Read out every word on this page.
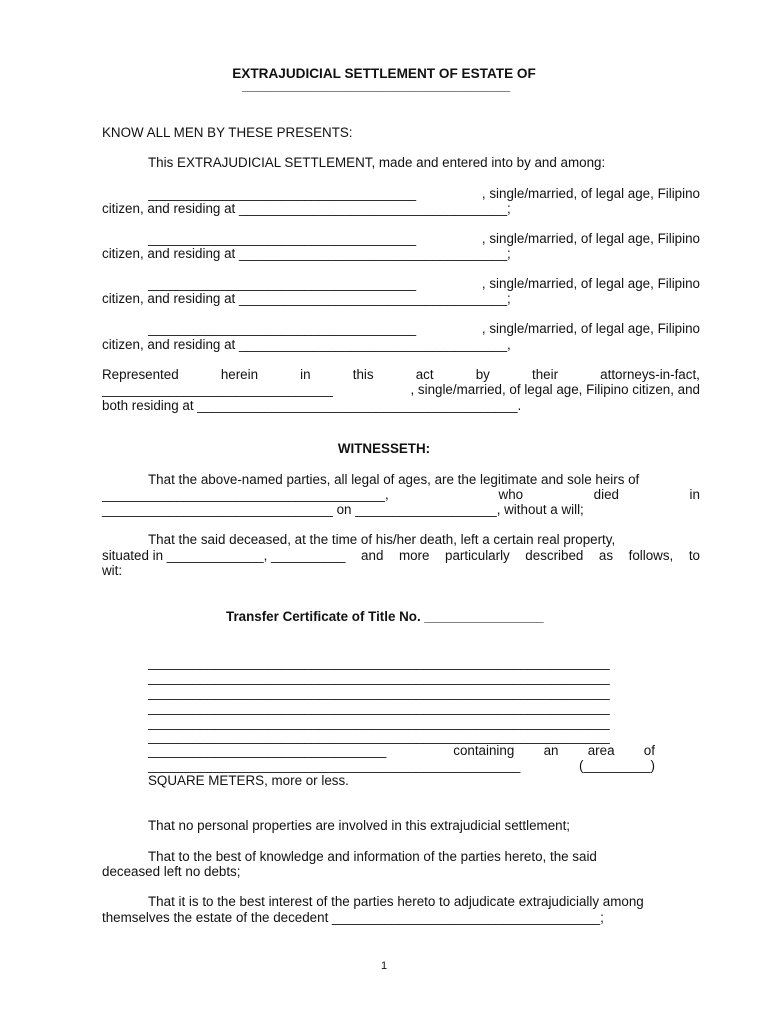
EXTRAJUDICIAL SETTLEMENT OF ESTATE OF
____________________________________
KNOW ALL MEN BY THESE PRESENTS:
This EXTRAJUDICIAL SETTLEMENT, made and entered into by and among:
____________________________________	, single/married, of legal age, Filipino
citizen, and residing at ____________________________________;
____________________________________	, single/married, of legal age, Filipino
citizen, and residing at ____________________________________;
____________________________________	, single/married, of legal age, Filipino
citizen, and residing at ____________________________________;
____________________________________	, single/married, of legal age, Filipino
citizen, and residing at ____________________________________,
Represented	herein	in	this	act	by	their	attorneys-in-fact,
_______________________________	, single/married, of legal age, Filipino citizen, and
both residing at ___________________________________________.
WITNESSETH:
That the above-named parties, all legal of ages, are the legitimate and sole heirs of
______________________________________,	who	died	in
_______________________________ on ___________________, without a will;
That the said deceased, at the time of his/her death, left a certain real property,
situated in _____________, __________ and more particularly described as follows, to
wit:
Transfer Certificate of Title No. ________________
______________________________________________________________
______________________________________________________________
______________________________________________________________
______________________________________________________________
______________________________________________________________
______________________________________________________________
________________________________	containing an area of
__________________________________________________	(_________)
SQUARE METERS, more or less.
That no personal properties are involved in this extrajudicial settlement;
That to the best of knowledge and information of the parties hereto, the said
deceased left no debts;
That it is to the best interest of the parties hereto to adjudicate extrajudicially among
themselves the estate of the decedent ____________________________________;
1
